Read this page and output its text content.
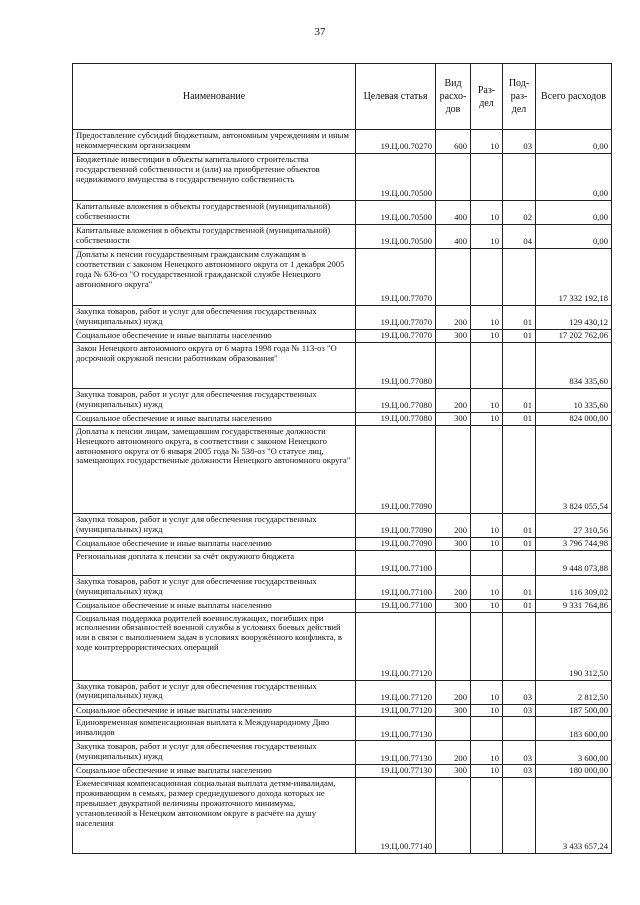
37
Наименование	Целевая статья	Вид расхо- дов	Раз- дел	Под- раз- дел	Всего расходов
Предоставление субсидий бюджетным, автономным учреждениям и иным некоммерческим организациям	19.Ц.00.70270	600	10	03	0,00
Бюджетные инвестиции в объекты капитального строительства государственной собственности и (или) на приобретение объектов недвижимого имущества в государственную собственность	19.Ц.00.70500				0,00
Капитальные вложения в объекты государственной (муниципальной) собственности	19.Ц.00.70500	400	10	02	0,00
Капитальные вложения в объекты государственной (муниципальной) собственности	19.Ц.00.70500	400	10	04	0,00
Доплаты к пенсии государственным гражданским служащим в соответствии с законом Ненецкого автономного округа от 1 декабря 2005 года № 636-оз "О государственной гражданской службе Ненецкого автономного округа"	19.Ц.00.77070				17 332 192,18
Закупка товаров, работ и услуг для обеспечения государственных (муниципальных) нужд	19.Ц.00.77070	200	10	01	129 430,12
Социальное обеспечение и иные выплаты населению	19.Ц.00.77070	300	10	01	17 202 762,06
Закон Ненецкого автономного округа от 6 марта 1998 года № 113-оз "О досрочной окружной пенсии работникам образования"	19.Ц.00.77080				834 335,60
Закупка товаров, работ и услуг для обеспечения государственных (муниципальных) нужд	19.Ц.00.77080	200	10	01	10 335,60
Социальное обеспечение и иные выплаты населению	19.Ц.00.77080	300	10	01	824 000,00
Доплаты к пенсии лицам, замещавшим государственные должности Ненецкого автономного округа, в соответствии с законом Ненецкого автономного округа от 6 января 2005 года № 538-оз "О статусе лиц, замещающих государственные должности Ненецкого автономного округа"	19.Ц.00.77090				3 824 055,54
Закупка товаров, работ и услуг для обеспечения государственных (муниципальных) нужд	19.Ц.00.77090	200	10	01	27 310,56
Социальное обеспечение и иные выплаты населению	19.Ц.00.77090	300	10	01	3 796 744,98
Региональная доплата к пенсии за счёт окружного бюджета	19.Ц.00.77100				9 448 073,88
Закупка товаров, работ и услуг для обеспечения государственных (муниципальных) нужд	19.Ц.00.77100	200	10	01	116 309,02
Социальное обеспечение и иные выплаты населению	19.Ц.00.77100	300	10	01	9 331 764,86
Социальная поддержка родителей военнослужащих, погибших при исполнении обязанностей военной службы в условиях боевых действий или в связи с выполнением задач в условиях вооружённого конфликта, в ходе контртеррористических операций	19.Ц.00.77120				190 312,50
Закупка товаров, работ и услуг для обеспечения государственных (муниципальных) нужд	19.Ц.00.77120	200	10	03	2 812,50
Социальное обеспечение и иные выплаты населению	19.Ц.00.77120	300	10	03	187 500,00
Единовременная компенсационная выплата к Международному Дню инвалидов	19.Ц.00.77130				183 600,00
Закупка товаров, работ и услуг для обеспечения государственных (муниципальных) нужд	19.Ц.00.77130	200	10	03	3 600,00
Социальное обеспечение и иные выплаты населению	19.Ц.00.77130	300	10	03	180 000,00
Ежемесячная компенсационная социальная выплата детям-инвалидам, проживающим в семьях, размер среднедушевого дохода которых не превышает двукратной величины прожиточного минимума, установленной в Ненецком автономном округе в расчёте на душу населения	19.Ц.00.77140				3 433 657,24
